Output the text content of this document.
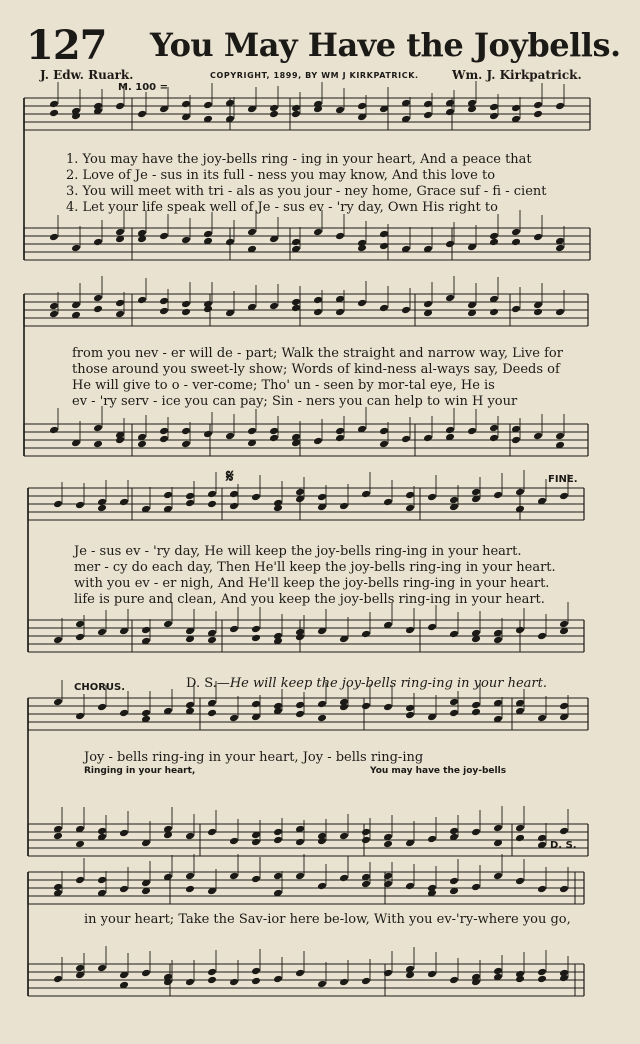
127 You May Have the Joybells.
J. Edw. Ruark.	COPYRIGHT, 1899, BY WM J KIRKPATRICK.	Wm. J. Kirkpatrick.
M. 100 =
1. You may have the joy-bells ring - ing in your heart, And a peace that
2. Love of Je - sus in its full - ness you may know, And this love to
3. You will meet with tri - als as you jour - ney home, Grace suf - fi - cient
4. Let your life speak well of Je - sus ev - 'ry day, Own His right to
from you nev - er will de - part; Walk the straight and narrow way, Live for
those around you sweet-ly show; Words of kind-ness al-ways say, Deeds of
He will give to o - ver-come; Tho' un - seen by mor-tal eye, He is
ev - 'ry serv - ice you can pay; Sin - ners you can help to win H your
𝄋	FINE.
Je - sus ev - 'ry day, He will keep the joy-bells ring-ing in your heart.
mer - cy do each day, Then He'll keep the joy-bells ring-ing in your heart.
with you ev - er nigh, And He'll keep the joy-bells ring-ing in your heart.
life is pure and clean, And you keep the joy-bells ring-ing in your heart.
CHORUS.	D. S.—He will keep the joy-bells ring-ing in your heart.
Joy - bells ring-ing in your heart, Joy - bells ring-ing
Ringing in your heart,	You may have the joy-bells
D. S.
in your heart; Take the Sav-ior here be-low, With you ev-'ry-where you go,
